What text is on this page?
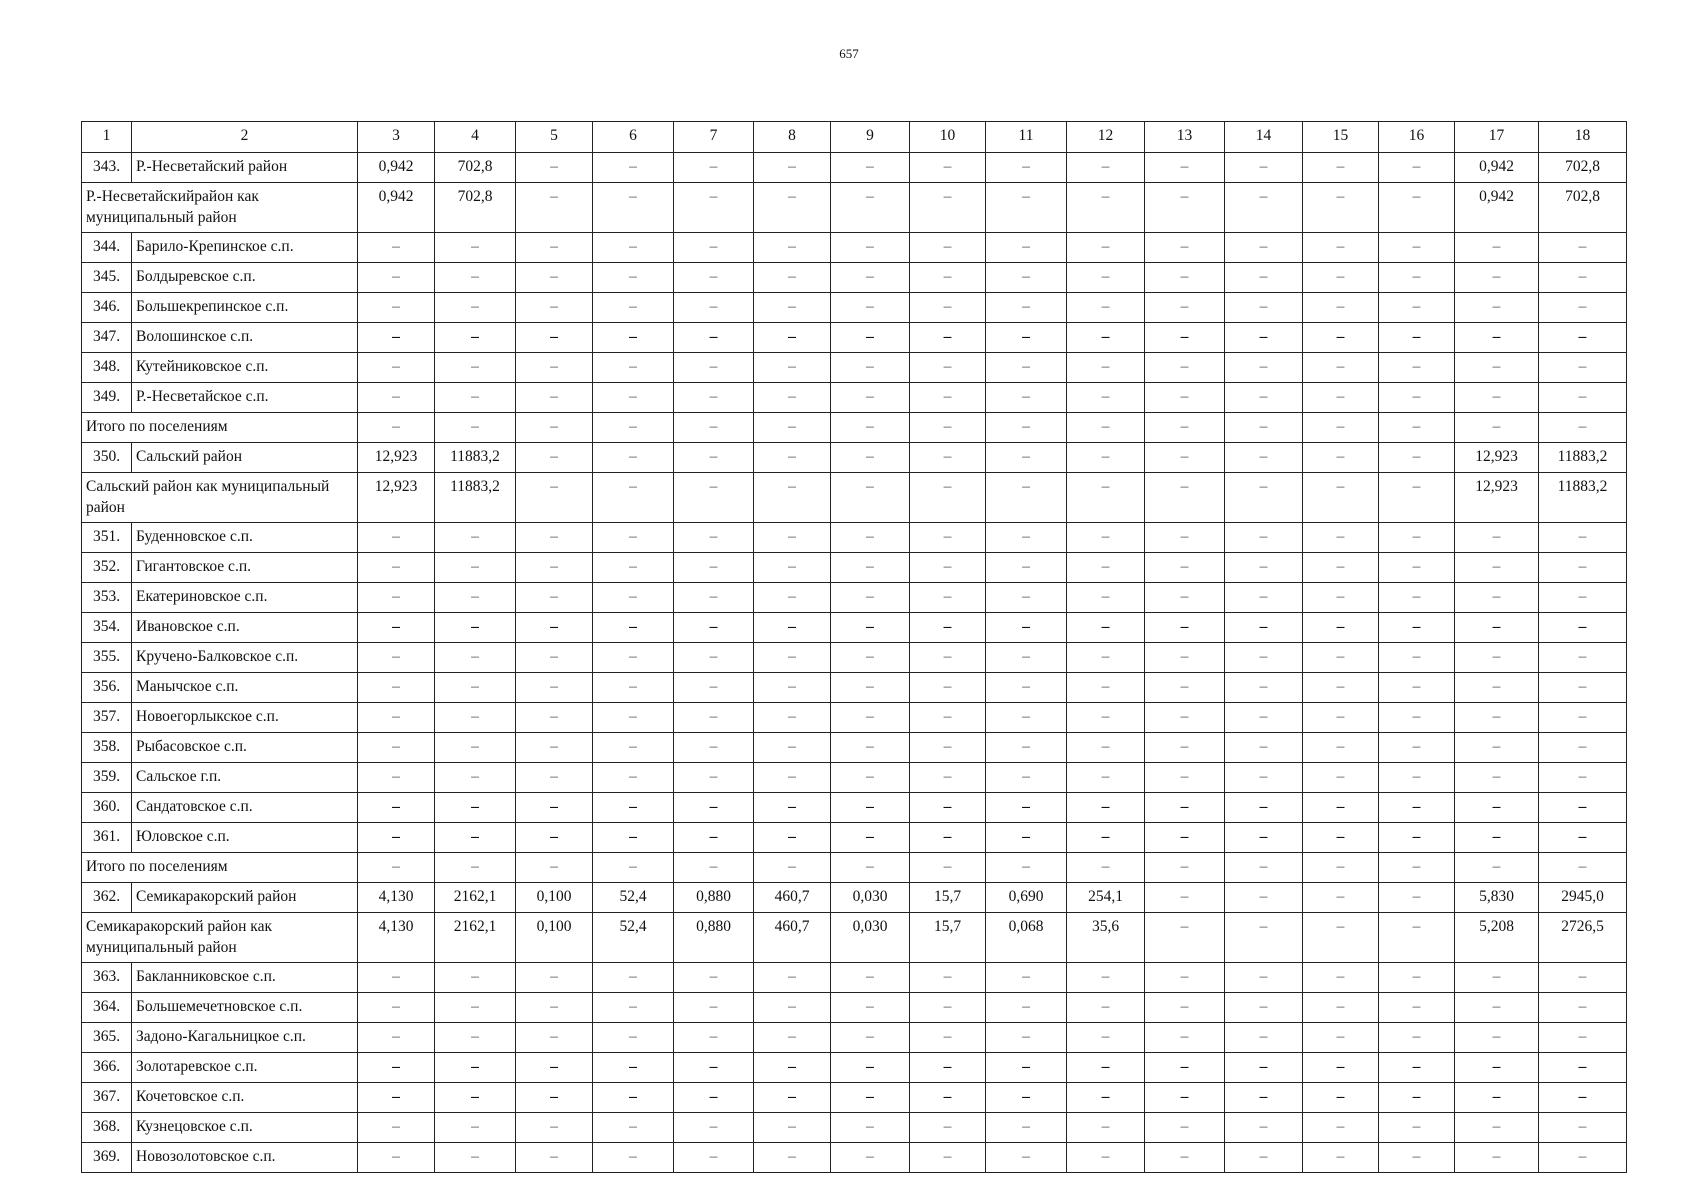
657
1	2	3	4	5	6	7	8	9	10	11	12	13	14	15	16	17	18
343.	Р.-Несветайский район	0,942	702,8	–	–	–	–	–	–	–	–	–	–	–	–	0,942	702,8
Р.-Несветайскийрайон как муниципальный район		0,942	702,8	–	–	–	–	–	–	–	–	–	–	–	–	0,942	702,8
344.	Барило-Крепинское с.п.	–	–	–	–	–	–	–	–	–	–	–	–	–	–	–	–
345.	Болдыревское с.п.	–	–	–	–	–	–	–	–	–	–	–	–	–	–	–	–
346.	Большекрепинское с.п.	–	–	–	–	–	–	–	–	–	–	–	–	–	–	–	–
347.	Волошинское с.п.	–	–	–	–	–	–	–	–	–	–	–	–	–	–	–	–
348.	Кутейниковское с.п.	–	–	–	–	–	–	–	–	–	–	–	–	–	–	–	–
349.	Р.-Несветайское с.п.	–	–	–	–	–	–	–	–	–	–	–	–	–	–	–	–
Итого по поселениям		–	–	–	–	–	–	–	–	–	–	–	–	–	–	–	–
350.	Сальский район	12,923	11883,2	–	–	–	–	–	–	–	–	–	–	–	–	12,923	11883,2
Сальский район как муниципальный район		12,923	11883,2	–	–	–	–	–	–	–	–	–	–	–	–	12,923	11883,2
351.	Буденновское с.п.	–	–	–	–	–	–	–	–	–	–	–	–	–	–	–	–
352.	Гигантовское с.п.	–	–	–	–	–	–	–	–	–	–	–	–	–	–	–	–
353.	Екатериновское с.п.	–	–	–	–	–	–	–	–	–	–	–	–	–	–	–	–
354.	Ивановское с.п.	–	–	–	–	–	–	–	–	–	–	–	–	–	–	–	–
355.	Кручено-Балковское с.п.	–	–	–	–	–	–	–	–	–	–	–	–	–	–	–	–
356.	Манычское с.п.	–	–	–	–	–	–	–	–	–	–	–	–	–	–	–	–
357.	Новоегорлыкское с.п.	–	–	–	–	–	–	–	–	–	–	–	–	–	–	–	–
358.	Рыбасовское с.п.	–	–	–	–	–	–	–	–	–	–	–	–	–	–	–	–
359.	Сальское г.п.	–	–	–	–	–	–	–	–	–	–	–	–	–	–	–	–
360.	Сандатовское с.п.	–	–	–	–	–	–	–	–	–	–	–	–	–	–	–	–
361.	Юловское с.п.	–	–	–	–	–	–	–	–	–	–	–	–	–	–	–	–
Итого по поселениям		–	–	–	–	–	–	–	–	–	–	–	–	–	–	–	–
362.	Семикаракорский район	4,130	2162,1	0,100	52,4	0,880	460,7	0,030	15,7	0,690	254,1	–	–	–	–	5,830	2945,0
Семикаракорский район как муниципальный район		4,130	2162,1	0,100	52,4	0,880	460,7	0,030	15,7	0,068	35,6	–	–	–	–	5,208	2726,5
363.	Бакланниковское с.п.	–	–	–	–	–	–	–	–	–	–	–	–	–	–	–	–
364.	Большемечетновское с.п.	–	–	–	–	–	–	–	–	–	–	–	–	–	–	–	–
365.	Задоно-Кагальницкое с.п.	–	–	–	–	–	–	–	–	–	–	–	–	–	–	–	–
366.	Золотаревское с.п.	–	–	–	–	–	–	–	–	–	–	–	–	–	–	–	–
367.	Кочетовское с.п.	–	–	–	–	–	–	–	–	–	–	–	–	–	–	–	–
368.	Кузнецовское с.п.	–	–	–	–	–	–	–	–	–	–	–	–	–	–	–	–
369.	Новозолотовское с.п.	–	–	–	–	–	–	–	–	–	–	–	–	–	–	–	–
